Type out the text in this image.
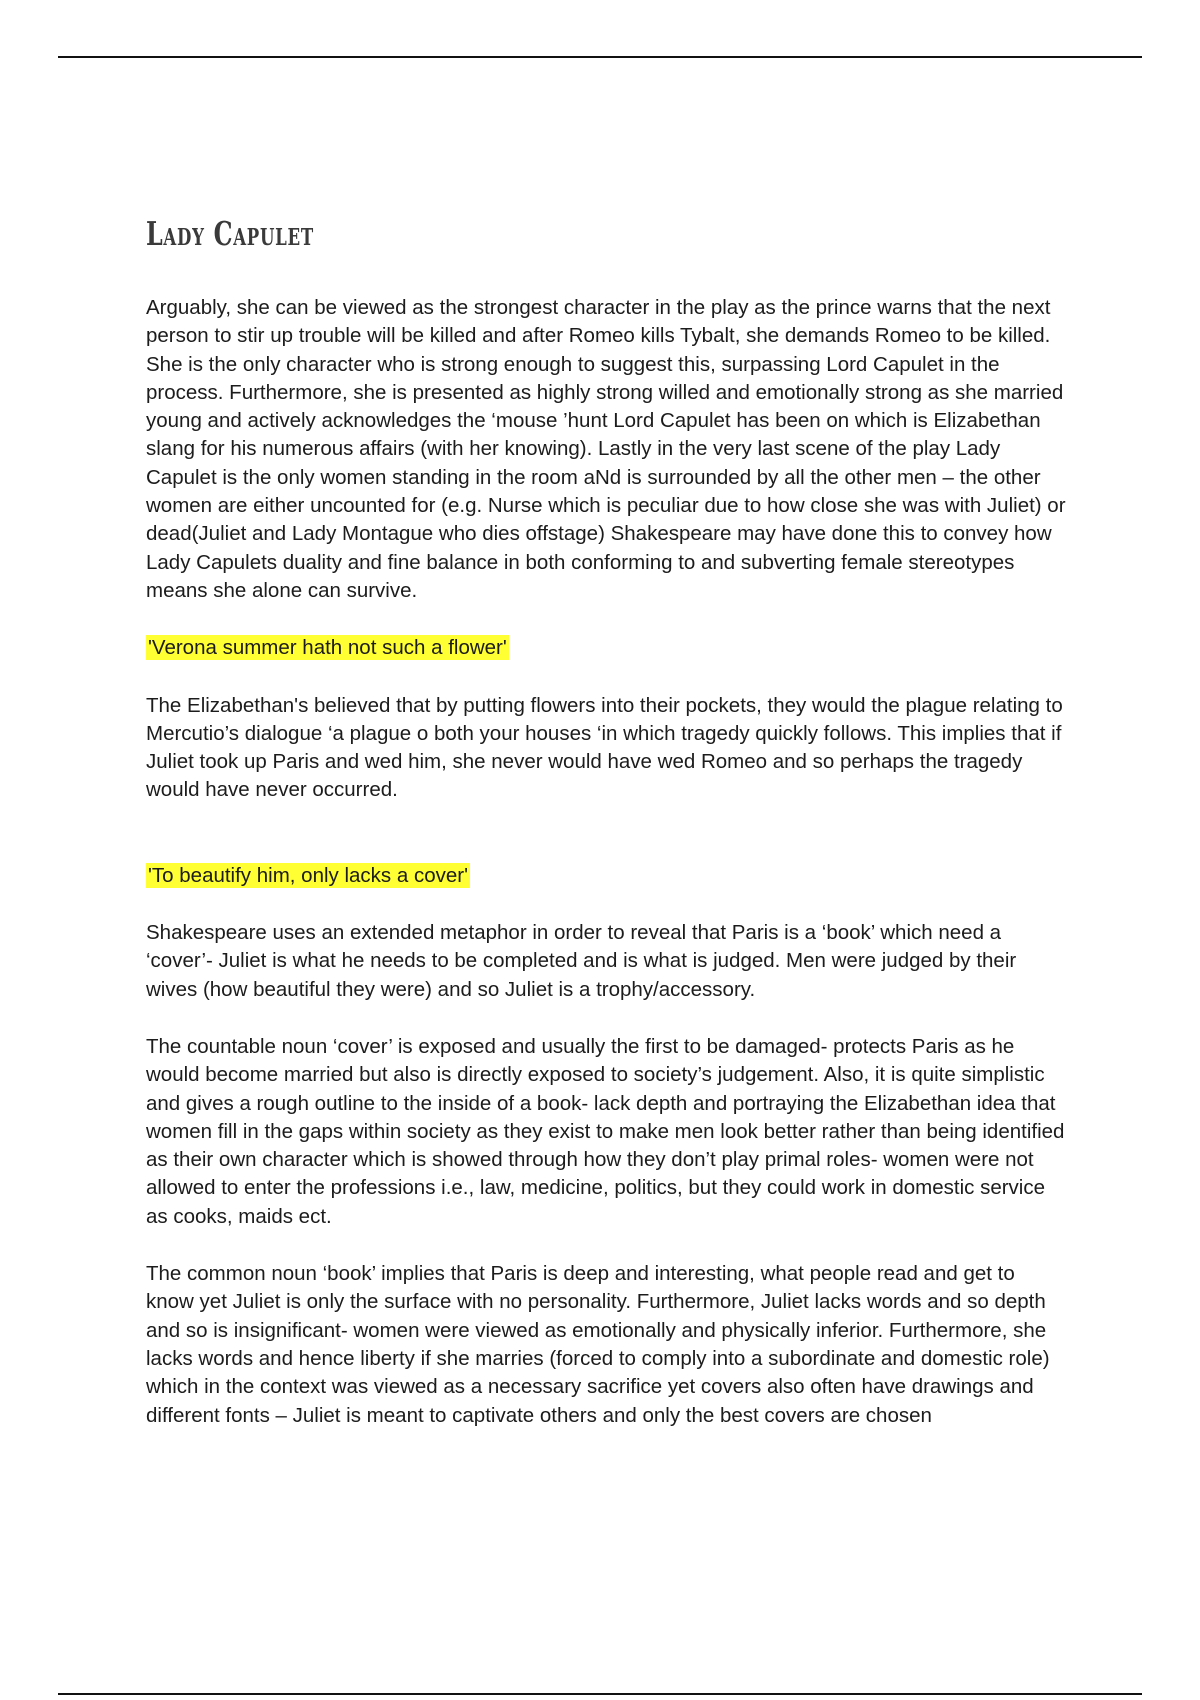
Lady Capulet

Arguably, she can be viewed as the strongest character in the play as the prince warns that the next person to stir up trouble will be killed and after Romeo kills Tybalt, she demands Romeo to be killed. She is the only character who is strong enough to suggest this, surpassing Lord Capulet in the process. Furthermore, she is presented as highly strong willed and emotionally strong as she married young and actively acknowledges the ‘mouse ’hunt Lord Capulet has been on which is Elizabethan slang for his numerous affairs (with her knowing). Lastly in the very last scene of the play Lady Capulet is the only women standing in the room aNd is surrounded by all the other men – the other women are either uncounted for (e.g. Nurse which is peculiar due to how close she was with Juliet) or dead(Juliet and Lady Montague who dies offstage) Shakespeare may have done this to convey how Lady Capulets duality and fine balance in both conforming to and subverting female stereotypes means she alone can survive.

'Verona summer hath not such a flower'

The Elizabethan's believed that by putting flowers into their pockets, they would the plague relating to Mercutio’s dialogue ‘a plague o both your houses ‘in which tragedy quickly follows. This implies that if Juliet took up Paris and wed him, she never would have wed Romeo and so perhaps the tragedy would have never occurred.

'To beautify him, only lacks a cover'

Shakespeare uses an extended metaphor in order to reveal that Paris is a ‘book’ which need a ‘cover’- Juliet is what he needs to be completed and is what is judged. Men were judged by their wives (how beautiful they were) and so Juliet is a trophy/accessory.

The countable noun ‘cover’ is exposed and usually the first to be damaged- protects Paris as he would become married but also is directly exposed to society’s judgement. Also, it is quite simplistic and gives a rough outline to the inside of a book- lack depth and portraying the Elizabethan idea that women fill in the gaps within society as they exist to make men look better rather than being identified as their own character which is showed through how they don’t play primal roles- women were not allowed to enter the professions i.e., law, medicine, politics, but they could work in domestic service as cooks, maids ect.

The common noun ‘book’ implies that Paris is deep and interesting, what people read and get to know yet Juliet is only the surface with no personality. Furthermore, Juliet lacks words and so depth and so is insignificant- women were viewed as emotionally and physically inferior. Furthermore, she lacks words and hence liberty if she marries (forced to comply into a subordinate and domestic role) which in the context was viewed as a necessary sacrifice yet covers also often have drawings and different fonts – Juliet is meant to captivate others and only the best covers are chosen
